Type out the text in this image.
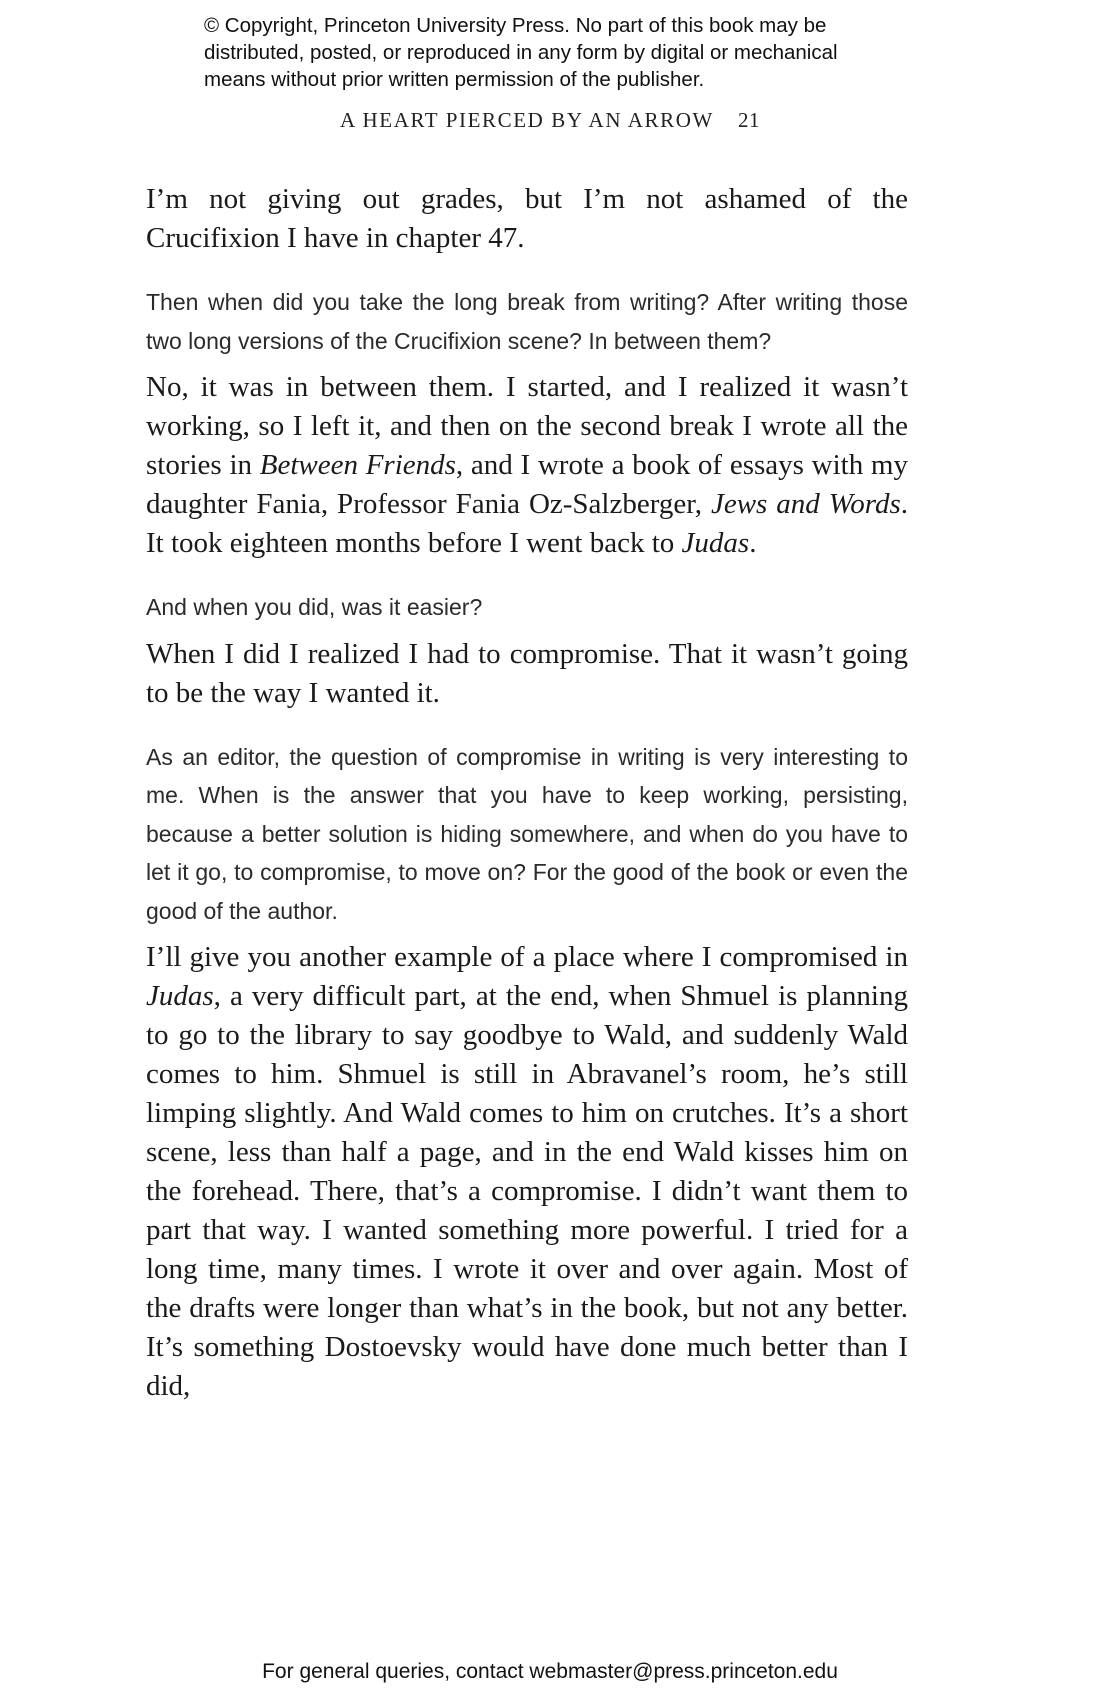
© Copyright, Princeton University Press. No part of this book may be
distributed, posted, or reproduced in any form by digital or mechanical
means without prior written permission of the publisher.
A HEART PIERCED BY AN ARROW 21

I’m not giving out grades, but I’m not ashamed of the Crucifixion I have in chapter 47.

Then when did you take the long break from writing? After writing those two long versions of the Crucifixion scene? In between them?

No, it was in between them. I started, and I realized it wasn’t working, so I left it, and then on the second break I wrote all the stories in Between Friends, and I wrote a book of essays with my daughter Fania, Professor Fania Oz-Salzberger, Jews and Words. It took eighteen months before I went back to Judas.

And when you did, was it easier?

When I did I realized I had to compromise. That it wasn’t going to be the way I wanted it.

As an editor, the question of compromise in writing is very interesting to me. When is the answer that you have to keep working, persisting, because a better solution is hiding somewhere, and when do you have to let it go, to compromise, to move on? For the good of the book or even the good of the author.

I’ll give you another example of a place where I compromised in Judas, a very difficult part, at the end, when Shmuel is planning to go to the library to say goodbye to Wald, and suddenly Wald comes to him. Shmuel is still in Abravanel’s room, he’s still limping slightly. And Wald comes to him on crutches. It’s a short scene, less than half a page, and in the end Wald kisses him on the forehead. There, that’s a compromise. I didn’t want them to part that way. I wanted something more powerful. I tried for a long time, many times. I wrote it over and over again. Most of the drafts were longer than what’s in the book, but not any better. It’s something Dostoevsky would have done much better than I did,

For general queries, contact webmaster@press.princeton.edu
